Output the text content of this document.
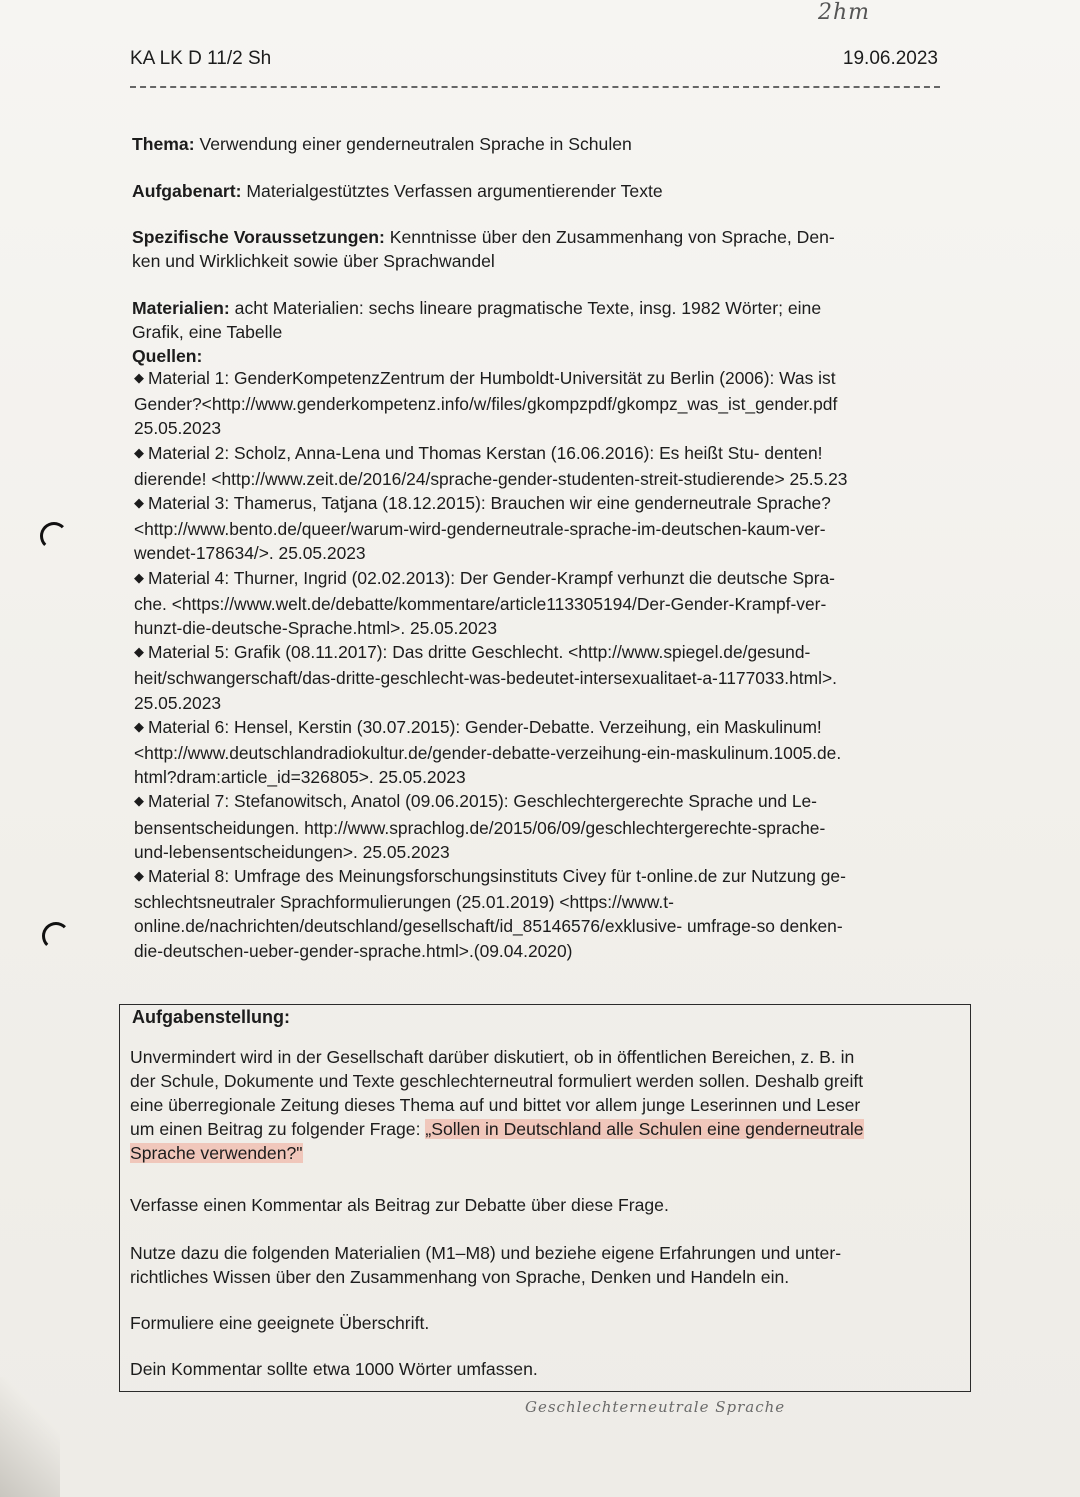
2hm
KA LK D 11/2 Sh	19.06.2023
Thema: Verwendung einer genderneutralen Sprache in Schulen
Aufgabenart: Materialgestütztes Verfassen argumentierender Texte
Spezifische Voraussetzungen: Kenntnisse über den Zusammenhang von Sprache, Den-
ken und Wirklichkeit sowie über Sprachwandel
Materialien: acht Materialien: sechs lineare pragmatische Texte, insg. 1982 Wörter; eine
Grafik, eine Tabelle
Quellen:
◆ Material 1: GenderKompetenzZentrum der Humboldt-Universität zu Berlin (2006): Was ist
Gender?<http://www.genderkompetenz.info/w/files/gkompzpdf/gkompz_was_ist_gender.pdf
25.05.2023
◆ Material 2: Scholz, Anna-Lena und Thomas Kerstan (16.06.2016): Es heißt Stu- denten!
dierende! <http://www.zeit.de/2016/24/sprache-gender-studenten-streit-studierende> 25.5.23
◆ Material 3: Thamerus, Tatjana (18.12.2015): Brauchen wir eine genderneutrale Sprache?
<http://www.bento.de/queer/warum-wird-genderneutrale-sprache-im-deutschen-kaum-ver-
wendet-178634/>. 25.05.2023
◆ Material 4: Thurner, Ingrid (02.02.2013): Der Gender-Krampf verhunzt die deutsche Spra-
che. <https://www.welt.de/debatte/kommentare/article113305194/Der-Gender-Krampf-ver-
hunzt-die-deutsche-Sprache.html>. 25.05.2023
◆ Material 5: Grafik (08.11.2017): Das dritte Geschlecht. <http://www.spiegel.de/gesund-
heit/schwangerschaft/das-dritte-geschlecht-was-bedeutet-intersexualitaet-a-1177033.html>.
25.05.2023
◆ Material 6: Hensel, Kerstin (30.07.2015): Gender-Debatte. Verzeihung, ein Maskulinum!
<http://www.deutschlandradiokultur.de/gender-debatte-verzeihung-ein-maskulinum.1005.de.
html?dram:article_id=326805>. 25.05.2023
◆ Material 7: Stefanowitsch, Anatol (09.06.2015): Geschlechtergerechte Sprache und Le-
bensentscheidungen. http://www.sprachlog.de/2015/06/09/geschlechtergerechte-sprache-
und-lebensentscheidungen>. 25.05.2023
◆ Material 8: Umfrage des Meinungsforschungsinstituts Civey für t-online.de zur Nutzung ge-
schlechtsneutraler Sprachformulierungen (25.01.2019) <https://www.t-
online.de/nachrichten/deutschland/gesellschaft/id_85146576/exklusive- umfrage-so denken-
die-deutschen-ueber-gender-sprache.html>.(09.04.2020)
Aufgabenstellung:
Unvermindert wird in der Gesellschaft darüber diskutiert, ob in öffentlichen Bereichen, z. B. in
der Schule, Dokumente und Texte geschlechterneutral formuliert werden sollen. Deshalb greift
eine überregionale Zeitung dieses Thema auf und bittet vor allem junge Leserinnen und Leser
um einen Beitrag zu folgender Frage: „Sollen in Deutschland alle Schulen eine genderneutrale
Sprache verwenden?"
Verfasse einen Kommentar als Beitrag zur Debatte über diese Frage.
Nutze dazu die folgenden Materialien (M1–M8) und beziehe eigene Erfahrungen und unter-
richtliches Wissen über den Zusammenhang von Sprache, Denken und Handeln ein.
Formuliere eine geeignete Überschrift.
Dein Kommentar sollte etwa 1000 Wörter umfassen.
Geschlechterneutrale Sprache
